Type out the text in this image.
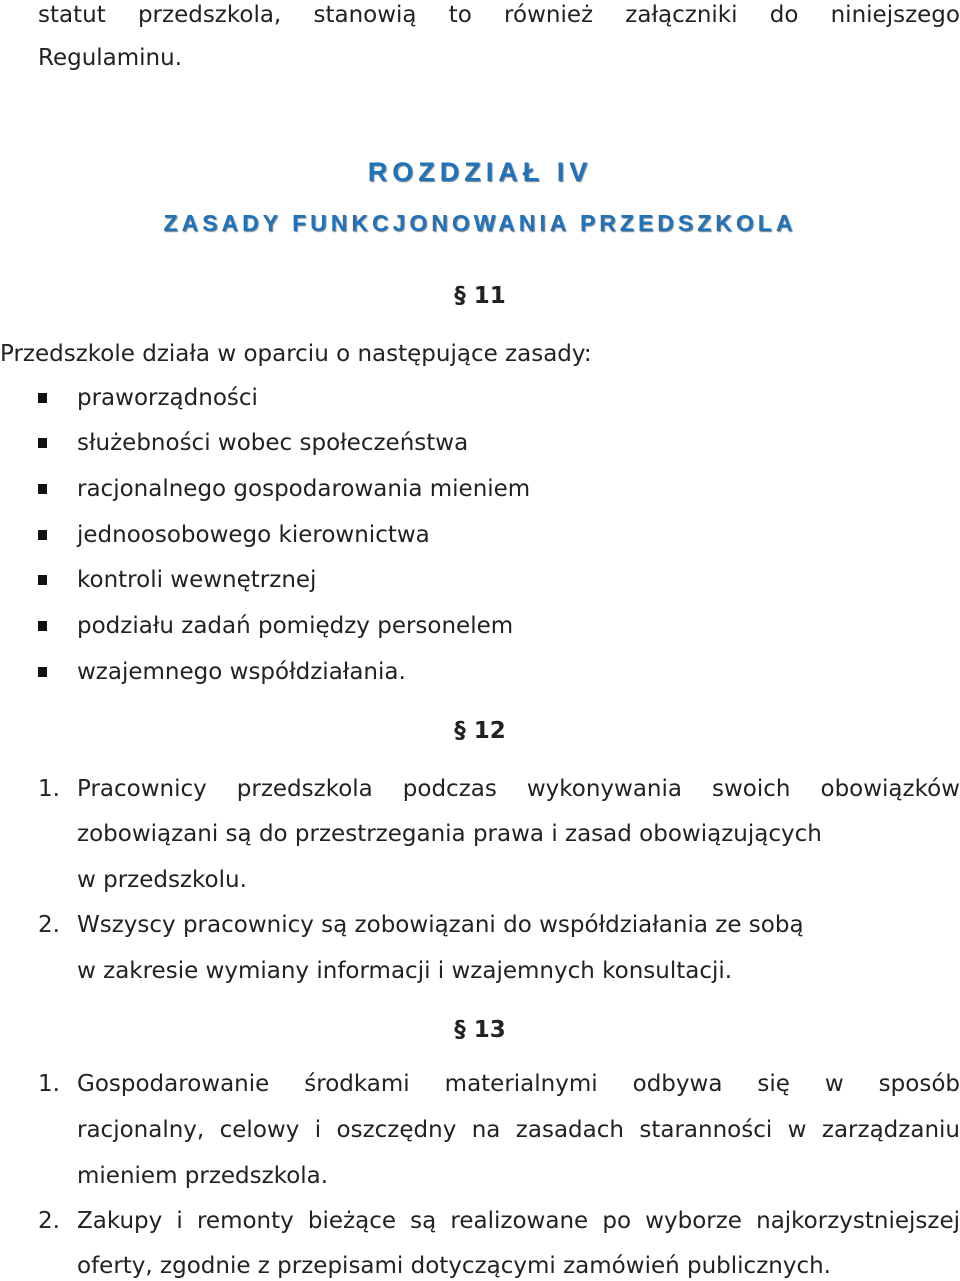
statut przedszkola, stanowią to również załączniki do niniejszego
Regulaminu.
ROZDZIAŁ IV
ZASADY FUNKCJONOWANIA PRZEDSZKOLA
§ 11
Przedszkole działa w oparciu o następujące zasady:
praworządności
służebności wobec społeczeństwa
racjonalnego gospodarowania mieniem
jednoosobowego kierownictwa
kontroli wewnętrznej
podziału zadań pomiędzy personelem
wzajemnego współdziałania.
§ 12
1. Pracownicy przedszkola podczas wykonywania swoich obowiązków
zobowiązani są do przestrzegania prawa i zasad obowiązujących
w przedszkolu.
2. Wszyscy pracownicy są zobowiązani do współdziałania ze sobą
w zakresie wymiany informacji i wzajemnych konsultacji.
§ 13
1. Gospodarowanie środkami materialnymi odbywa się w sposób
racjonalny, celowy i oszczędny na zasadach staranności w zarządzaniu
mieniem przedszkola.
2. Zakupy i remonty bieżące są realizowane po wyborze najkorzystniejszej
oferty, zgodnie z przepisami dotyczącymi zamówień publicznych.
